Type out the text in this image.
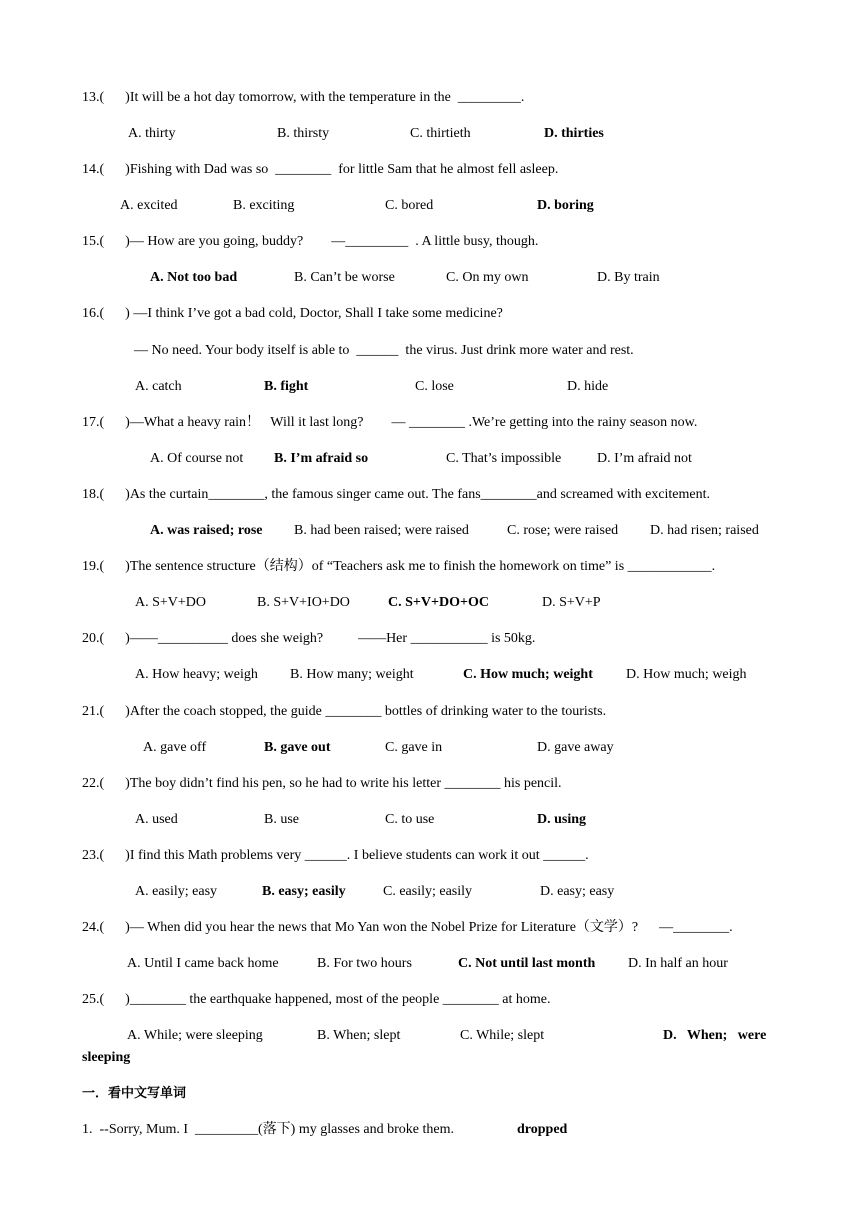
13.(      )It will be a hot day tomorrow, with the temperature in the  _________.
A. thirty	B. thirsty	C. thirtieth	D. thirties
14.(      )Fishing with Dad was so  ________  for little Sam that he almost fell asleep.
A. excited	B. exciting	C. bored	D. boring
15.(      )— How are you going, buddy?        —_________  . A little busy, though.
A. Not too bad	B. Can’t be worse	C. On my own	D. By train
16.(      ) —I think I’ve got a bad cold, Doctor, Shall I take some medicine?
— No need. Your body itself is able to  ______  the virus. Just drink more water and rest.
A. catch	B. fight	C. lose	D. hide
17.(      )—What a heavy rain！   Will it last long?        — ________ .We’re getting into the rainy season now.
A. Of course not B. I’m afraid so	C. That’s impossible	D. I’m afraid not
18.(      )As the curtain________, the famous singer came out. The fans________and screamed with excitement.
A. was raised; rose B. had been raised; were raised	C. rose; were raised D. had risen; raised
19.(      )The sentence structure（结构）of “Teachers ask me to finish the homework on time” is ____________.
A. S+V+DO	B. S+V+IO+DO	C. S+V+DO+OC	D. S+V+P
20.(      )——__________ does she weigh?          ——Her ___________ is 50kg.
A. How heavy; weigh B. How many; weight	C. How much; weight D. How much; weigh
21.(      )After the coach stopped, the guide ________ bottles of drinking water to the tourists.
A. gave off	B. gave out	C. gave in	D. gave away
22.(      )The boy didn’t find his pen, so he had to write his letter ________ his pencil.
A. used	B. use	C. to use	D. using
23.(      )I find this Math problems very ______. I believe students can work it out ______.
A. easily; easy	B. easy; easily	C. easily; easily	D. easy; easy
24.(      )— When did you hear the news that Mo Yan won the Nobel Prize for Literature（文学）?      —________.
A. Until I came back home	B. For two hours	C. Not until last month D. In half an hour
25.(      )________ the earthquake happened, most of the people ________ at home.
A. While; were sleeping	B. When; slept	C. While; slept	D.   When;   were
sleeping
一．看中文写单词
1.  --Sorry, Mum. I  _________(落下) my glasses and broke them.	dropped
